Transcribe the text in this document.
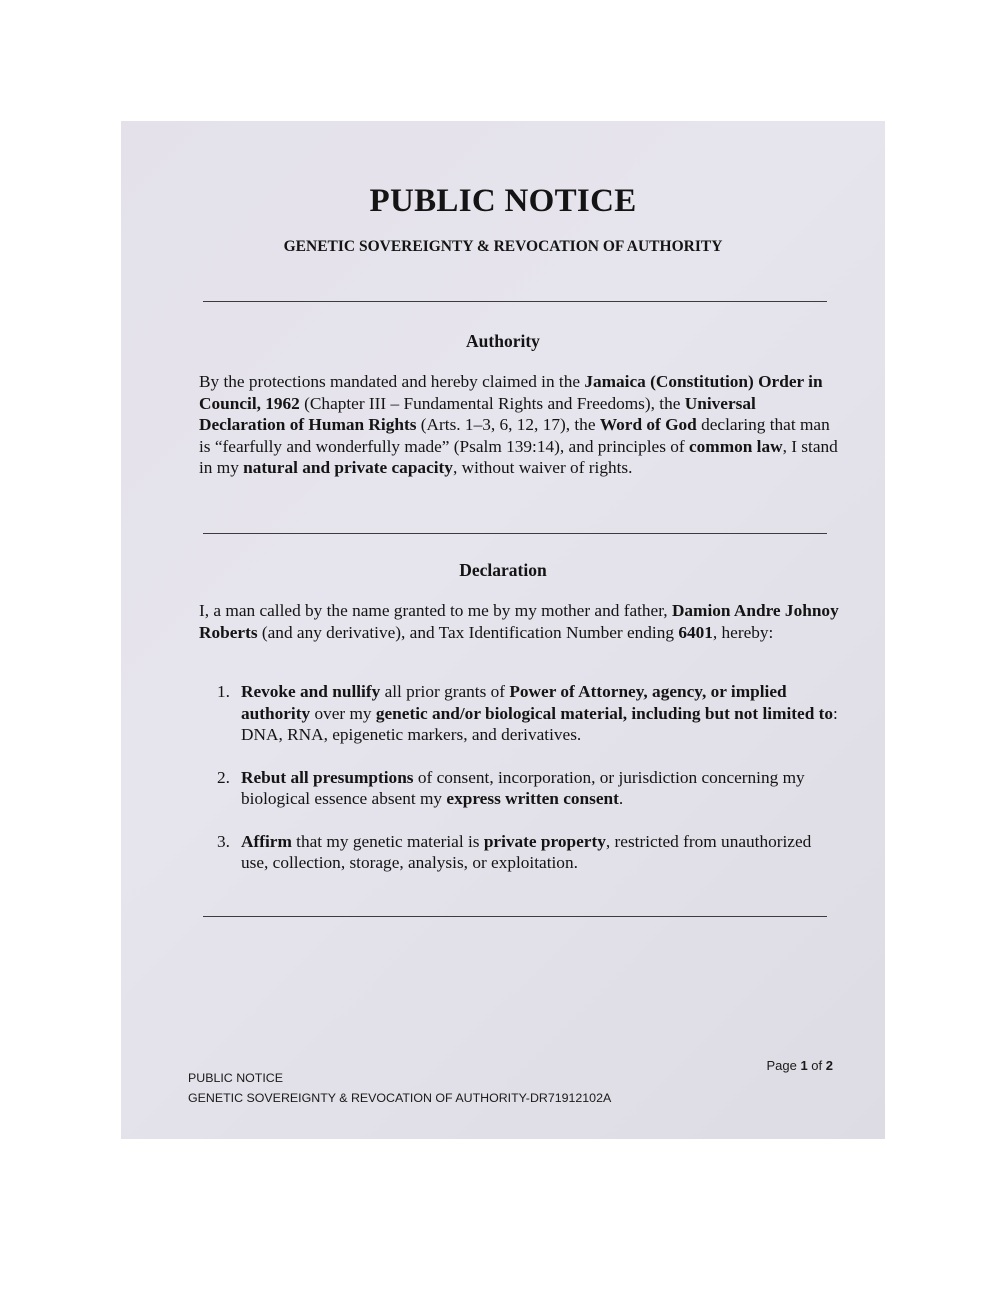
PUBLIC NOTICE
GENETIC SOVEREIGNTY & REVOCATION OF AUTHORITY
Authority

By the protections mandated and hereby claimed in the Jamaica (Constitution) Order in Council, 1962 (Chapter III – Fundamental Rights and Freedoms), the Universal Declaration of Human Rights (Arts. 1–3, 6, 12, 17), the Word of God declaring that man is “fearfully and wonderfully made” (Psalm 139:14), and principles of common law, I stand in my natural and private capacity, without waiver of rights.

Declaration

I, a man called by the name granted to me by my mother and father, Damion Andre Johnoy Roberts (and any derivative), and Tax Identification Number ending 6401, hereby:

1. Revoke and nullify all prior grants of Power of Attorney, agency, or implied authority over my genetic and/or biological material, including but not limited to: DNA, RNA, epigenetic markers, and derivatives.
2. Rebut all presumptions of consent, incorporation, or jurisdiction concerning my biological essence absent my express written consent.
3. Affirm that my genetic material is private property, restricted from unauthorized use, collection, storage, analysis, or exploitation.

PUBLIC NOTICE
GENETIC SOVEREIGNTY & REVOCATION OF AUTHORITY-DR71912102A

Page 1 of 2
